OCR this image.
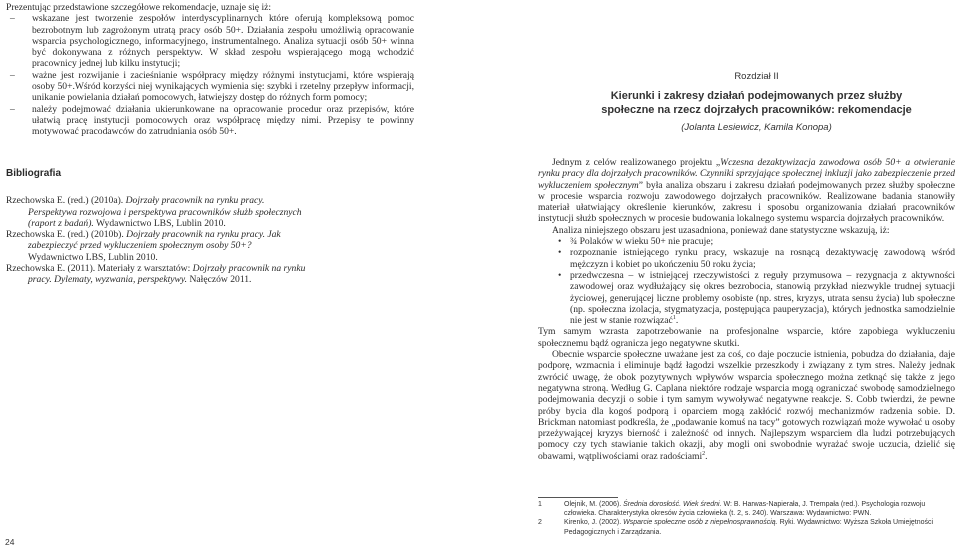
Prezentując przedstawione szczegółowe rekomendacje, uznaje się iż:

– wskazane jest tworzenie zespołów interdyscyplinarnych które oferują kompleksową pomoc bezrobotnym lub zagrożonym utratą pracy osób 50+. Działania zespołu umożliwią opracowanie wsparcia psychologicznego, informacyjnego, instrumentalnego. Analiza sytuacji osób 50+ winna być dokonywana z różnych perspektyw. W skład zespołu wspierającego mogą wchodzić pracownicy jednej lub kilku instytucji;
– ważne jest rozwijanie i zacieśnianie współpracy między różnymi instytucjami, które wspierają osoby 50+.Wśród korzyści niej wynikających wymienia się: szybki i rzetelny przepływ informacji, unikanie powielania działań pomocowych, łatwiejszy dostęp do różnych form pomocy;
– należy podejmować działania ukierunkowane na opracowanie procedur oraz przepisów, które ułatwią pracę instytucji pomocowych oraz współpracę między nimi. Przepisy te powinny motywować pracodawców do zatrudniania osób 50+.
Bibliografia

Rzechowska E. (red.) (2010a). Dojrzały pracownik na rynku pracy. Perspektywa rozwojowa i perspektywa pracowników służb społecznych (raport z badań). Wydawnictwo LBS, Lublin 2010.

Rzechowska E. (red.) (2010b). Dojrzały pracownik na rynku pracy. Jak zabezpieczyć przed wykluczeniem społecznym osoby 50+? Wydawnictwo LBS, Lublin 2010.

Rzechowska E. (2011). Materiały z warsztatów: Dojrzały pracownik na rynku pracy. Dylematy, wyzwania, perspektywy. Nałęczów 2011.

24
Rozdział II
Kierunki i zakresy działań podejmowanych przez służby społeczne na rzecz dojrzałych pracowników: rekomendacje
(Jolanta Lesiewicz, Kamila Konopa)

Jednym z celów realizowanego projektu „Wczesna dezaktywizacja zawodowa osób 50+ a otwieranie rynku pracy dla dojrzałych pracowników. Czynniki sprzyjające społecznej inkluzji jako zabezpieczenie przed wykluczeniem społecznym” była analiza obszaru i zakresu działań podejmowanych przez służby społeczne w procesie wsparcia rozwoju zawodowego dojrzałych pracowników. Realizowane badania stanowiły materiał ułatwiający określenie kierunków, zakresu i sposobu organizowania działań pracowników instytucji służb społecznych w procesie budowania lokalnego systemu wsparcia dojrzałych pracowników.

Analiza niniejszego obszaru jest uzasadniona, ponieważ dane statystyczne wskazują, iż:

• ¾ Polaków w wieku 50+ nie pracuje;
• rozpoznanie istniejącego rynku pracy, wskazuje na rosnącą dezaktywację zawodową wśród mężczyzn i kobiet po ukończeniu 50 roku życia;
• przedwczesna – w istniejącej rzeczywistości z reguły przymusowa – rezygnacja z aktywności zawodowej oraz wydłużający się okres bezrobocia, stanowią przykład niezwykle trudnej sytuacji życiowej, generującej liczne problemy osobiste (np. stres, kryzys, utrata sensu życia) lub społeczne (np. społeczna izolacja, stygmatyzacja, postępująca pauperyzacja), których jednostka samodzielnie nie jest w stanie rozwiązać$^1$.

Tym samym wzrasta zapotrzebowanie na profesjonalne wsparcie, które zapobiega wykluczeniu społecznemu bądź ogranicza jego negatywne skutki.

Obecnie wsparcie społeczne uważane jest za coś, co daje poczucie istnienia, pobudza do działania, daje podporę, wzmacnia i eliminuje bądź łagodzi wszelkie przeszkody i związany z tym stres. Należy jednak zwrócić uwagę, że obok pozytywnych wpływów wsparcia społecznego można zetknąć się także z jego negatywna stroną. Według G. Caplana niektóre rodzaje wsparcia mogą ograniczać swobodę samodzielnego podejmowania decyzji o sobie i tym samym wywoływać negatywne reakcje. S. Cobb twierdzi, że pewne próby bycia dla kogoś podporą i oparciem mogą zakłócić rozwój mechanizmów radzenia sobie. D. Brickman natomiast podkreśla, że „podawanie komuś na tacy” gotowych rozwiązań może wywołać u osoby przeżywającej kryzys bierność i zależność od innych. Najlepszym wsparciem dla ludzi potrzebujących pomocy czy tych stawianie takich okazji, aby mogli oni swobodnie wyrażać swoje uczucia, dzielić się obawami, wątpliwościami oraz radościami$^2$.

1	Olejnik, M. (2006). Średnia dorosłość. Wiek średni. W: B. Harwas-Napierała, J. Trempała (red.). Psychologia rozwoju człowieka. Charakterystyka okresów życia człowieka (t. 2, s. 240). Warszawa: Wydawnictwo: PWN.
2	Kirenko, J. (2002). Wsparcie społeczne osób z niepełnosprawnością. Ryki. Wydawnictwo: Wyższa Szkoła Umiejętności Pedagogicznych i Zarządzania.
